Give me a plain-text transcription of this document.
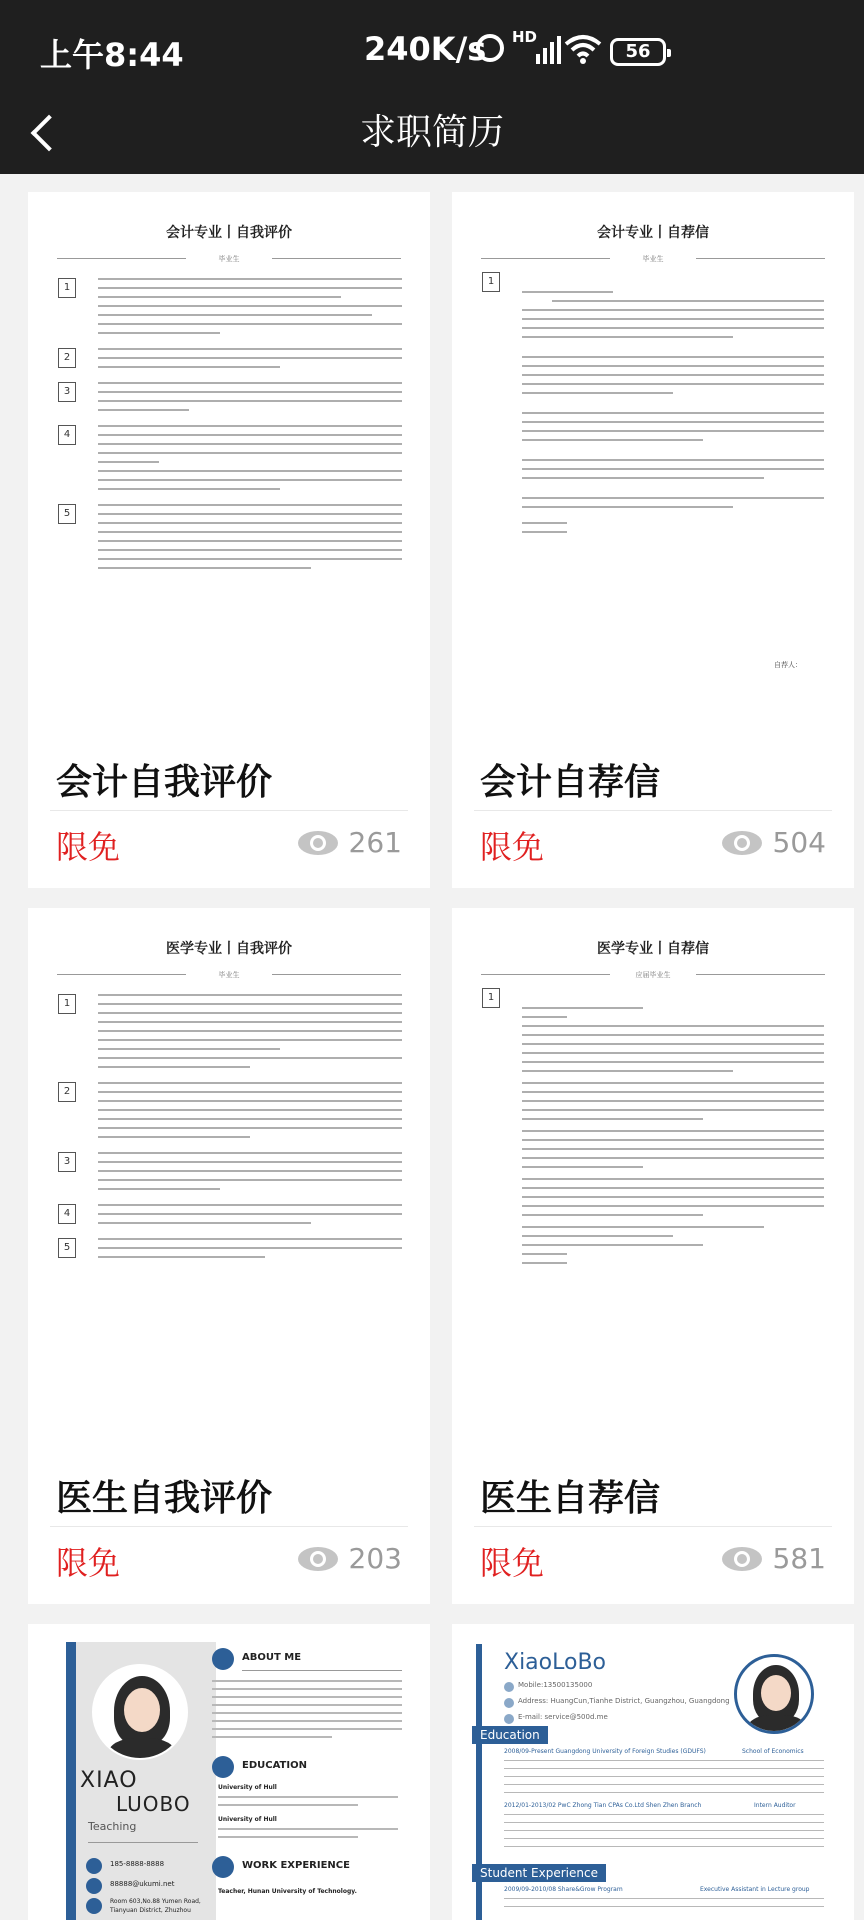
上午8:44	240K/s HD
56
求职简历
会计专业丨自我评价
毕业生
1
2
3
4
5
会计自我评价
限免	261
会计专业丨自荐信
毕业生
1
自荐人：
会计自荐信
限免	504
医学专业丨自我评价
毕业生
1
2
3
4
5
医生自我评价
限免	203
医学专业丨自荐信
应届毕业生
1
医生自荐信
限免	581
XIAO
LUOBO
Teaching
185-8888-8888
88888@ukumi.net
Room 603,No.88 Yumen Road,
Tianyuan District, Zhuzhou
ABOUT ME
EDUCATION
University of Hull
University of Hull
WORK EXPERIENCE
Teacher, Hunan University of Technology.
XiaoLoBo
Mobile:13500135000
Address: HuangCun,Tianhe District, Guangzhou, Guangdong
E-mail: service@500d.me
Education
2008/09-Present Guangdong University of Foreign Studies (GDUFS)	School of Economics
2012/01-2013/02 PwC Zhong Tian CPAs Co.Ltd Shen Zhen Branch	Intern Auditor
Student Experience
2009/09-2010/08 Share&Grow Program	Executive Assistant in Lecture group
